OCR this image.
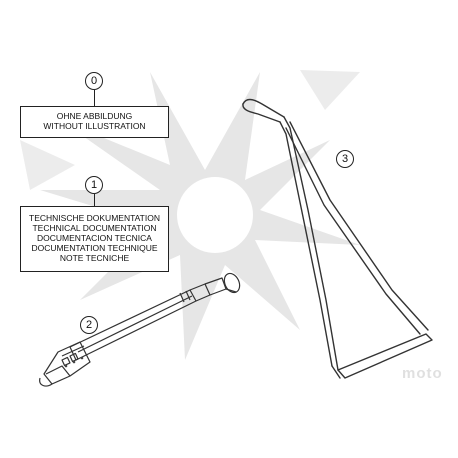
moto
0
OHNE ABBILDUNG
WITHOUT ILLUSTRATION
1
TECHNISCHE DOKUMENTATION
TECHNICAL DOCUMENTATION
DOCUMENTACION TECNICA
DOCUMENTATION TECHNIQUE
NOTE TECNICHE
2
3
